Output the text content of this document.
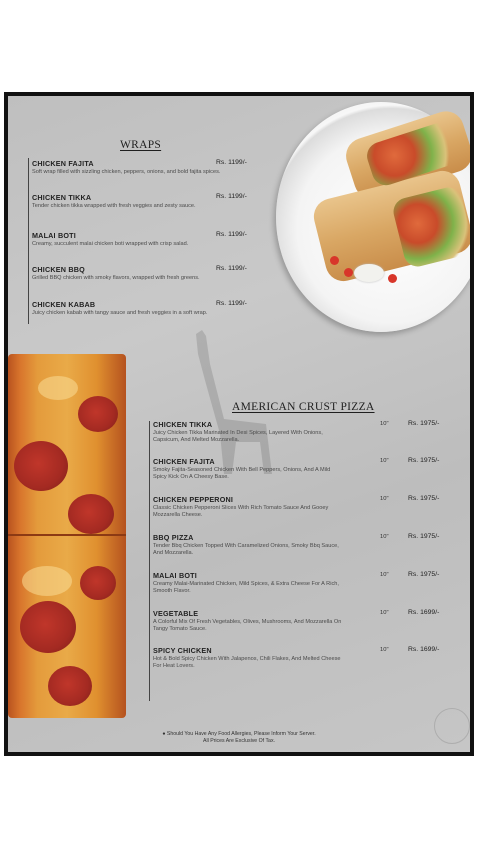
WRAPS
CHICKEN FAJITA
Soft wrap filled with sizzling chicken, peppers, onions, and bold fajita spices.
Rs. 1199/-
CHICKEN TIKKA
Tender chicken tikka wrapped with fresh veggies and zesty sauce.
Rs. 1199/-
MALAI BOTI
Creamy, succulent malai chicken boti wrapped with crisp salad.
Rs. 1199/-
CHICKEN BBQ
Grilled BBQ chicken with smoky flavors, wrapped with fresh greens.
Rs. 1199/-
CHICKEN KABAB
Juicy chicken kabab with tangy sauce and fresh veggies in a soft wrap.
Rs. 1199/-
AMERICAN CRUST PIZZA
CHICKEN TIKKA
Juicy Chicken Tikka Marinated In Desi Spices, Layered With Onions, Capsicum, And Melted Mozzarella.
10"	Rs. 1975/-
CHICKEN FAJITA
Smoky Fajita-Seasoned Chicken With Bell Peppers, Onions, And A Mild Spicy Kick On A Cheesy Base.
10"	Rs. 1975/-
CHICKEN PEPPERONI
Classic Chicken Pepperoni Slices With Rich Tomato Sauce And Gooey Mozzarella Cheese.
10"	Rs. 1975/-
BBQ PIZZA
Tender Bbq Chicken Topped With Caramelized Onions, Smoky Bbq Sauce, And Mozzarella.
10"	Rs. 1975/-
MALAI BOTI
Creamy Malai-Marinated Chicken, Mild Spices, & Extra Cheese For A Rich, Smooth Flavor.
10"	Rs. 1975/-
VEGETABLE
A Colorful Mix Of Fresh Vegetables, Olives, Mushrooms, And Mozzarella On Tangy Tomato Sauce.
10"	Rs. 1699/-
SPICY CHICKEN
Hot & Bold Spicy Chicken With Jalapenos, Chili Flakes, And Melted Cheese For Heat Lovers.
10"	Rs. 1699/-
● Should You Have Any Food Allergies, Please Inform Your Server.
All Prices Are Exclusive Of Tax.
